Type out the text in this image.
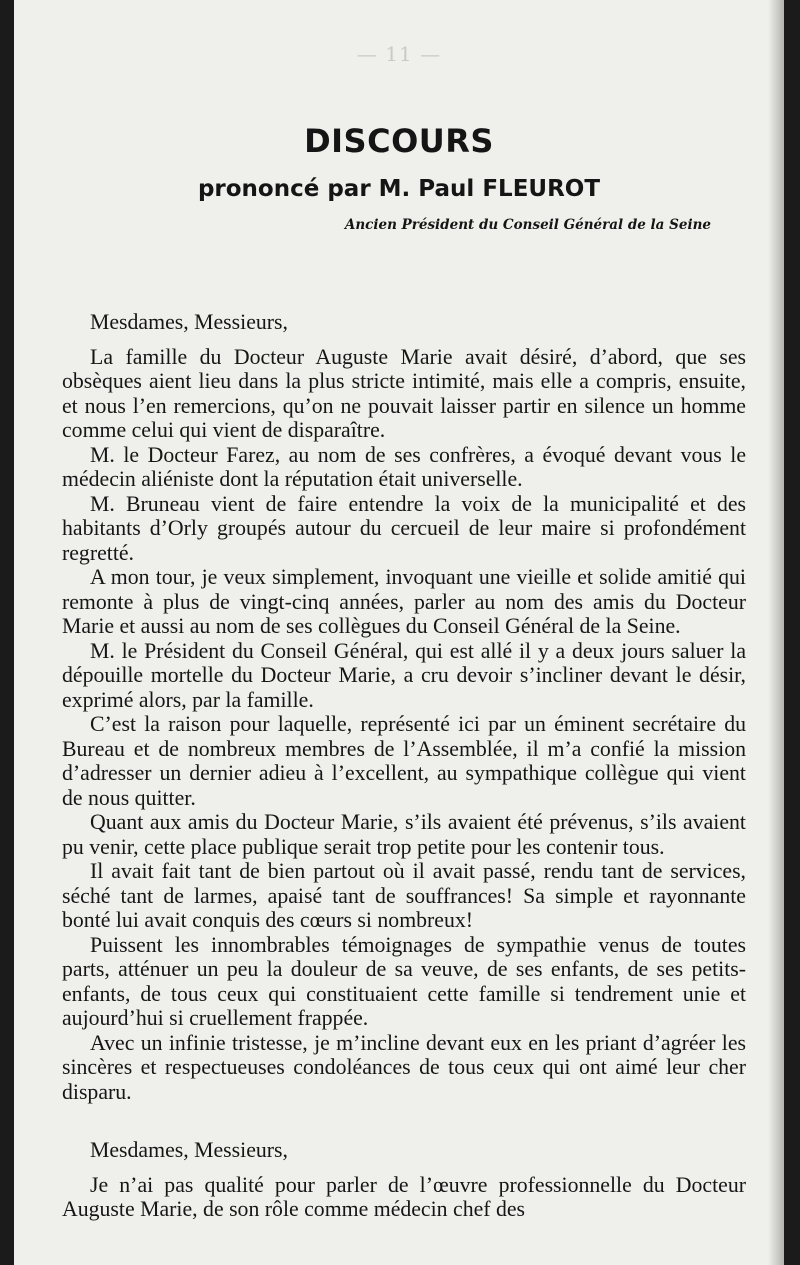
— 11 —
DISCOURS
prononcé par M. Paul FLEUROT

Ancien Président du Conseil Général de la Seine

Mesdames, Messieurs,

La famille du Docteur Auguste Marie avait désiré, d’abord, que ses obsèques aient lieu dans la plus stricte intimité, mais elle a compris, ensuite, et nous l’en remercions, qu’on ne pouvait laisser partir en silence un homme comme celui qui vient de disparaître.

M. le Docteur Farez, au nom de ses confrères, a évoqué devant vous le médecin aliéniste dont la réputation était universelle.

M. Bruneau vient de faire entendre la voix de la municipalité et des habitants d’Orly groupés autour du cercueil de leur maire si profondément regretté.

A mon tour, je veux simplement, invoquant une vieille et solide amitié qui remonte à plus de vingt-cinq années, parler au nom des amis du Docteur Marie et aussi au nom de ses collègues du Conseil Général de la Seine.

M. le Président du Conseil Général, qui est allé il y a deux jours saluer la dépouille mortelle du Docteur Marie, a cru devoir s’incliner devant le désir, exprimé alors, par la famille.

C’est la raison pour laquelle, représenté ici par un éminent secrétaire du Bureau et de nombreux membres de l’Assemblée, il m’a confié la mission d’adresser un dernier adieu à l’excellent, au sympathique collègue qui vient de nous quitter.

Quant aux amis du Docteur Marie, s’ils avaient été prévenus, s’ils avaient pu venir, cette place publique serait trop petite pour les contenir tous.

Il avait fait tant de bien partout où il avait passé, rendu tant de services, séché tant de larmes, apaisé tant de souffrances! Sa simple et rayonnante bonté lui avait conquis des cœurs si nombreux!

Puissent les innombrables témoignages de sympathie venus de toutes parts, atténuer un peu la douleur de sa veuve, de ses enfants, de ses petits-enfants, de tous ceux qui constituaient cette famille si tendrement unie et aujourd’hui si cruellement frappée.

Avec un infinie tristesse, je m’incline devant eux en les priant d’agréer les sincères et respectueuses condoléances de tous ceux qui ont aimé leur cher disparu.

Mesdames, Messieurs,

Je n’ai pas qualité pour parler de l’œuvre professionnelle du Docteur Auguste Marie, de son rôle comme médecin chef des
